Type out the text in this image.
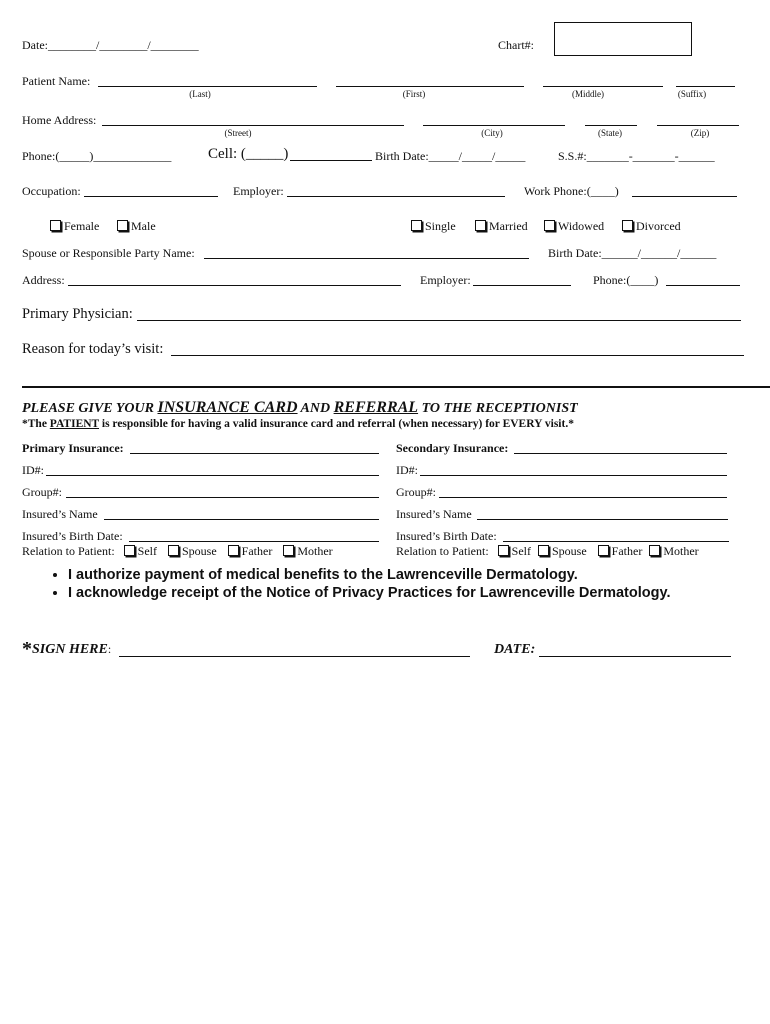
Date:________/________/________	Chart#:
Patient Name:
(Last)	(First)	(Middle)	(Suffix)
Home Address:
(Street)	(City)	(State)	(Zip)
Phone:(_____)_____________ Cell: (_____)	Birth Date:_____/_____/_____	S.S.#:_______-_______-______
Occupation:	Employer:	Work Phone:(____)
Female	Male	Single	Married	Widowed	Divorced
Spouse or Responsible Party Name:	Birth Date:______/______/______
Address:	Employer:	Phone:(____)
Primary Physician:
Reason for today’s visit:
PLEASE GIVE YOUR INSURANCE CARD AND REFERRAL TO THE RECEPTIONIST
*The PATIENT is responsible for having a valid insurance card and referral (when necessary) for EVERY visit.*
Primary Insurance:
ID#:
Group#:
Insured’s Name
Insured’s Birth Date:
Relation to Patient: Self Spouse Father Mother
Secondary Insurance:
ID#:
Group#:
Insured’s Name
Insured’s Birth Date:
Relation to Patient: Self Spouse Father Mother
• I authorize payment of medical benefits to the Lawrenceville Dermatology.
• I acknowledge receipt of the Notice of Privacy Practices for Lawrenceville Dermatology.
*SIGN HERE:	DATE:
